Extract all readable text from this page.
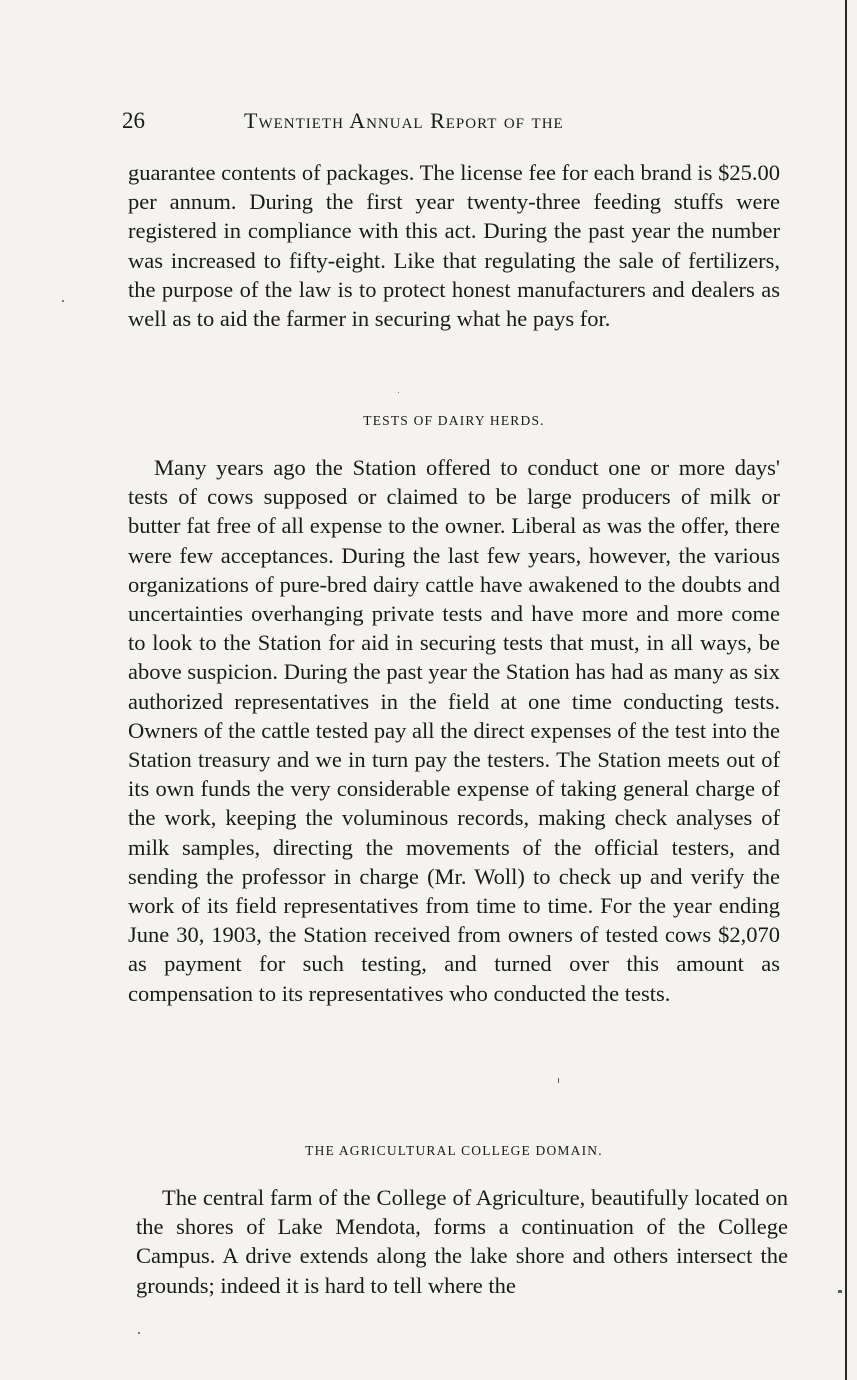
26	Twentieth Annual Report of the

guarantee contents of packages. The license fee for each brand is $25.00 per annum. During the first year twenty-three feeding stuffs were registered in compliance with this act. During the past year the number was increased to fifty-eight. Like that regulating the sale of fertilizers, the purpose of the law is to protect honest manufacturers and dealers as well as to aid the farmer in securing what he pays for.

TESTS OF DAIRY HERDS.

Many years ago the Station offered to conduct one or more days' tests of cows supposed or claimed to be large producers of milk or butter fat free of all expense to the owner. Liberal as was the offer, there were few acceptances. During the last few years, however, the various organizations of pure-bred dairy cattle have awakened to the doubts and uncertainties overhanging private tests and have more and more come to look to the Station for aid in securing tests that must, in all ways, be above suspicion. During the past year the Station has had as many as six authorized representatives in the field at one time conducting tests. Owners of the cattle tested pay all the direct expenses of the test into the Station treasury and we in turn pay the testers. The Station meets out of its own funds the very considerable expense of taking general charge of the work, keeping the voluminous records, making check analyses of milk samples, directing the movements of the official testers, and sending the professor in charge (Mr. Woll) to check up and verify the work of its field representatives from time to time. For the year ending June 30, 1903, the Station received from owners of tested cows $2,070 as payment for such testing, and turned over this amount as compensation to its representatives who conducted the tests.

THE AGRICULTURAL COLLEGE DOMAIN.

The central farm of the College of Agriculture, beautifully located on the shores of Lake Mendota, forms a continuation of the College Campus. A drive extends along the lake shore and others intersect the grounds; indeed it is hard to tell where the
